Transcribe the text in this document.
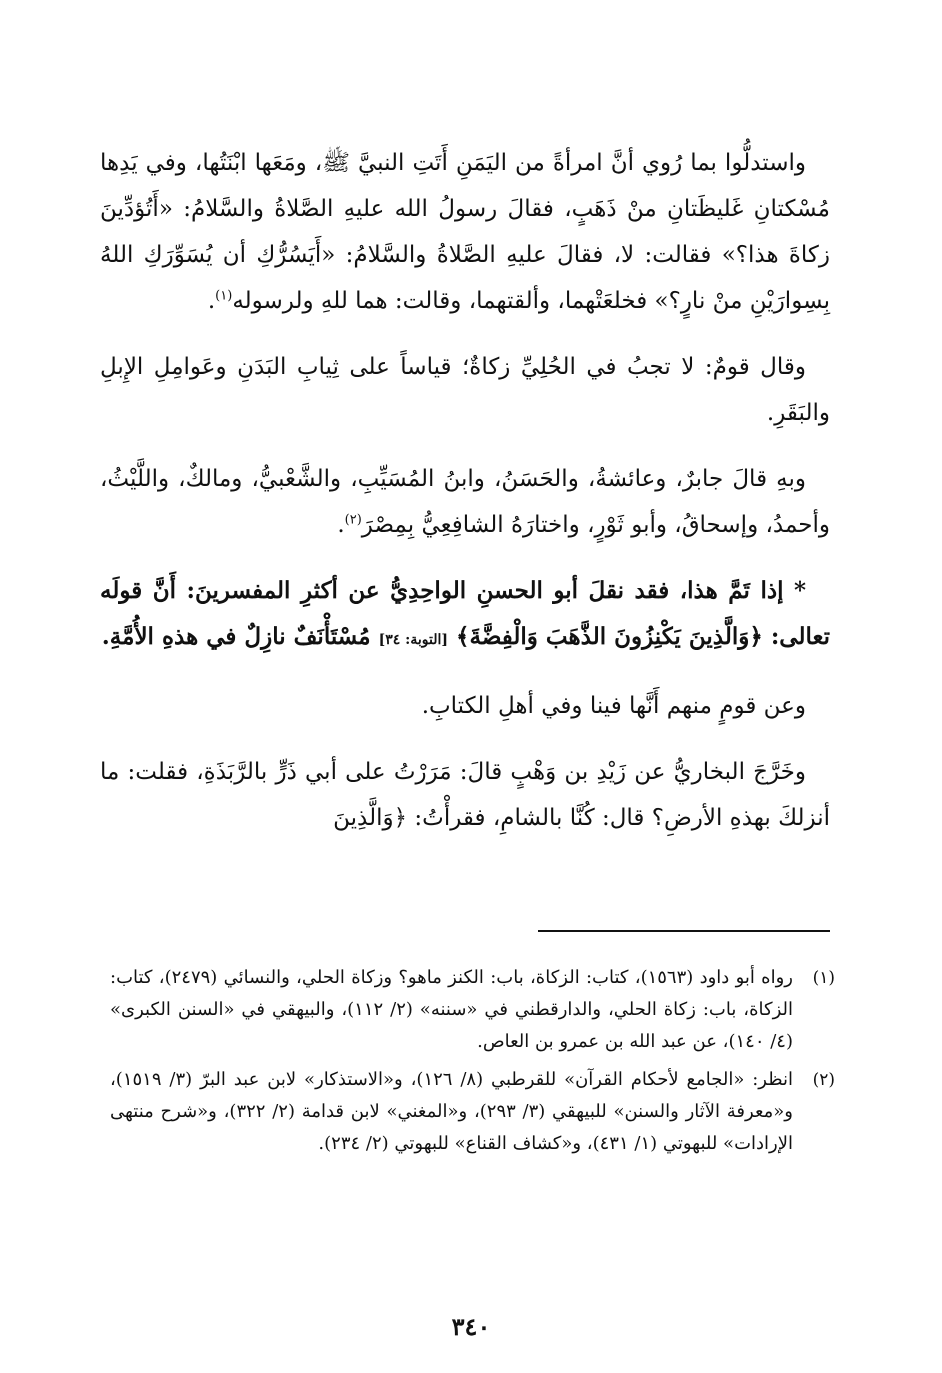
واستدلُّوا بما رُوي أنَّ امرأةً من اليَمَنِ أَتَتِ النبيَّ ﷺ، ومَعَها ابْنَتُها، وفي يَدِها مُسْكتانِ غَليظَتانِ منْ ذَهَبٍ، فقالَ رسولُ الله عليهِ الصَّلاةُ والسَّلامُ: «أَتُؤدِّينَ زكاةَ هذا؟» فقالت: لا، فقالَ عليهِ الصَّلاةُ والسَّلامُ: «أَيَسُرُّكِ أن يُسَوِّرَكِ اللهُ بِسِوارَيْنِ منْ نارٍ؟» فخلعَتْهما، وألقتهما، وقالت: هما للهِ ولرسوله$^{(١)}$.

وقال قومٌ: لا تجبُ في الحُلِيِّ زكاةٌ؛ قياساً على ثِيابِ البَدَنِ وعَوامِلِ الإِبلِ والبَقَرِ.

وبهِ قالَ جابرٌ، وعائشةُ، والحَسَنُ، وابنُ المُسَيِّبِ، والشَّعْبيُّ، ومالكٌ، واللَّيْثُ، وأحمدُ، وإسحاقُ، وأبو ثَوْرٍ، واختارَهُ الشافِعِيُّ بِمِصْرَ$^{(٢)}$.

* إذا تَمَّ هذا، فقد نقلَ أبو الحسنِ الواحِدِيُّ عن أكثرِ المفسرينَ: أَنَّ قولَه تعالى: ﴿وَالَّذِينَ يَكْنِزُونَ الذَّهَبَ وَالْفِضَّةَ﴾ [التوبة: ٣٤] مُسْتَأْنَفٌ نازِلٌ في هذهِ الأُمَّةِ.

وعن قومٍ منهم أَنَّها فينا وفي أهلِ الكتابِ.

وخَرَّجَ البخاريُّ عن زَيْدِ بن وَهْبٍ قالَ: مَرَرْتُ على أبي ذَرٍّ بالرَّبَذَةِ، فقلت: ما أنزلكَ بهذهِ الأرضِ؟ قال: كُنَّا بالشامِ، فقرأْتُ: ﴿وَالَّذِينَ

(١)
رواه أبو داود (١٥٦٣)، كتاب: الزكاة، باب: الكنز ماهو؟ وزكاة الحلي، والنسائي (٢٤٧٩)، كتاب: الزكاة، باب: زكاة الحلي، والدارقطني في «سننه» (٢/ ١١٢)، والبيهقي في «السنن الكبرى» (٤/ ١٤٠)، عن عبد الله بن عمرو بن العاص.
(٢)
انظر: «الجامع لأحكام القرآن» للقرطبي (٨/ ١٢٦)، و«الاستذكار» لابن عبد البرّ (٣/ ١٥١٩)، و«معرفة الآثار والسنن» للبيهقي (٣/ ٢٩٣)، و«المغني» لابن قدامة (٢/ ٣٢٢)، و«شرح منتهى الإرادات» للبهوتي (١/ ٤٣١)، و«كشاف القناع» للبهوتي (٢/ ٢٣٤).
٣٤٠
